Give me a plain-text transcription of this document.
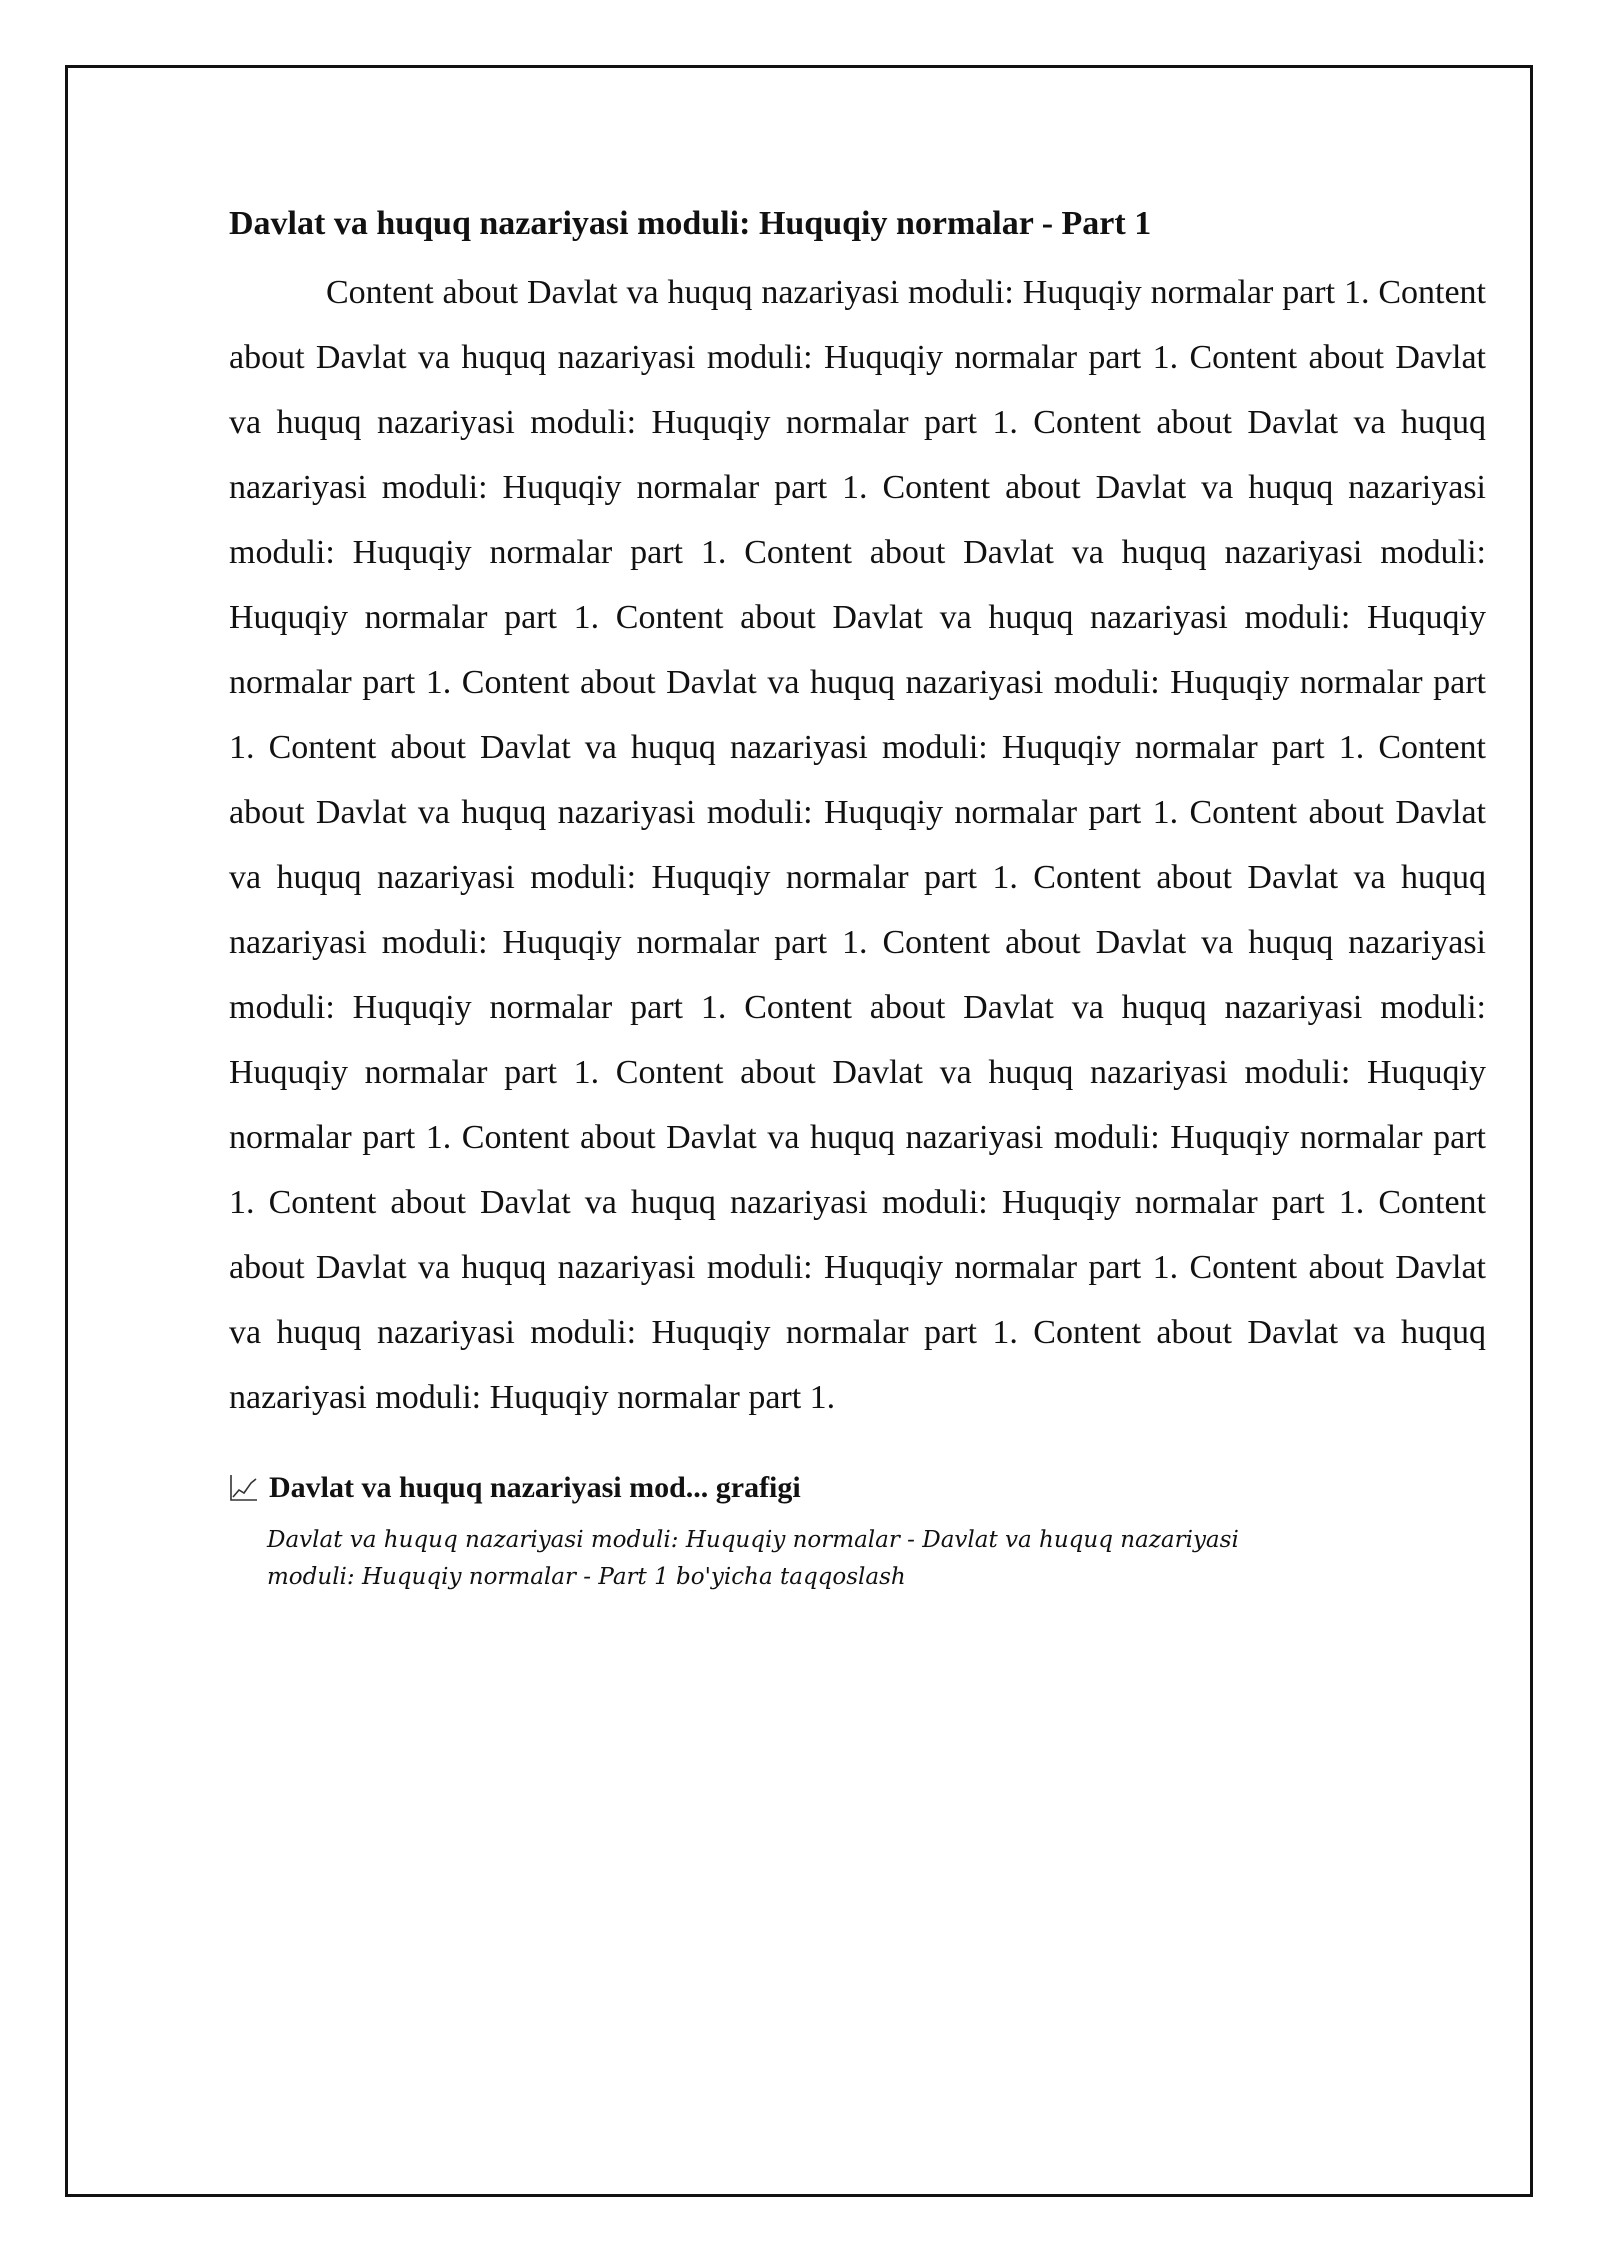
Davlat va huquq nazariyasi moduli: Huquqiy normalar - Part 1

Content about Davlat va huquq nazariyasi moduli: Huquqiy normalar part 1. Content about Davlat va huquq nazariyasi moduli: Huquqiy normalar part 1. Content about Davlat va huquq nazariyasi moduli: Huquqiy normalar part 1. Content about Davlat va huquq nazariyasi moduli: Huquqiy normalar part 1. Content about Davlat va huquq nazariyasi moduli: Huquqiy normalar part 1. Content about Davlat va huquq nazariyasi moduli: Huquqiy normalar part 1. Content about Davlat va huquq nazariyasi moduli: Huquqiy normalar part 1. Content about Davlat va huquq nazariyasi moduli: Huquqiy normalar part 1. Content about Davlat va huquq nazariyasi moduli: Huquqiy normalar part 1. Content about Davlat va huquq nazariyasi moduli: Huquqiy normalar part 1. Content about Davlat va huquq nazariyasi moduli: Huquqiy normalar part 1. Content about Davlat va huquq nazariyasi moduli: Huquqiy normalar part 1. Content about Davlat va huquq nazariyasi moduli: Huquqiy normalar part 1. Content about Davlat va huquq nazariyasi moduli: Huquqiy normalar part 1. Content about Davlat va huquq nazariyasi moduli: Huquqiy normalar part 1. Content about Davlat va huquq nazariyasi moduli: Huquqiy normalar part 1. Content about Davlat va huquq nazariyasi moduli: Huquqiy normalar part 1. Content about Davlat va huquq nazariyasi moduli: Huquqiy normalar part 1. Content about Davlat va huquq nazariyasi moduli: Huquqiy normalar part 1. Content about Davlat va huquq nazariyasi moduli: Huquqiy normalar part 1.

Davlat va huquq nazariyasi mod... grafigi
Davlat va huquq nazariyasi moduli: Huquqiy normalar - Davlat va huquq nazariyasi moduli: Huquqiy normalar - Part 1 bo'yicha taqqoslash
